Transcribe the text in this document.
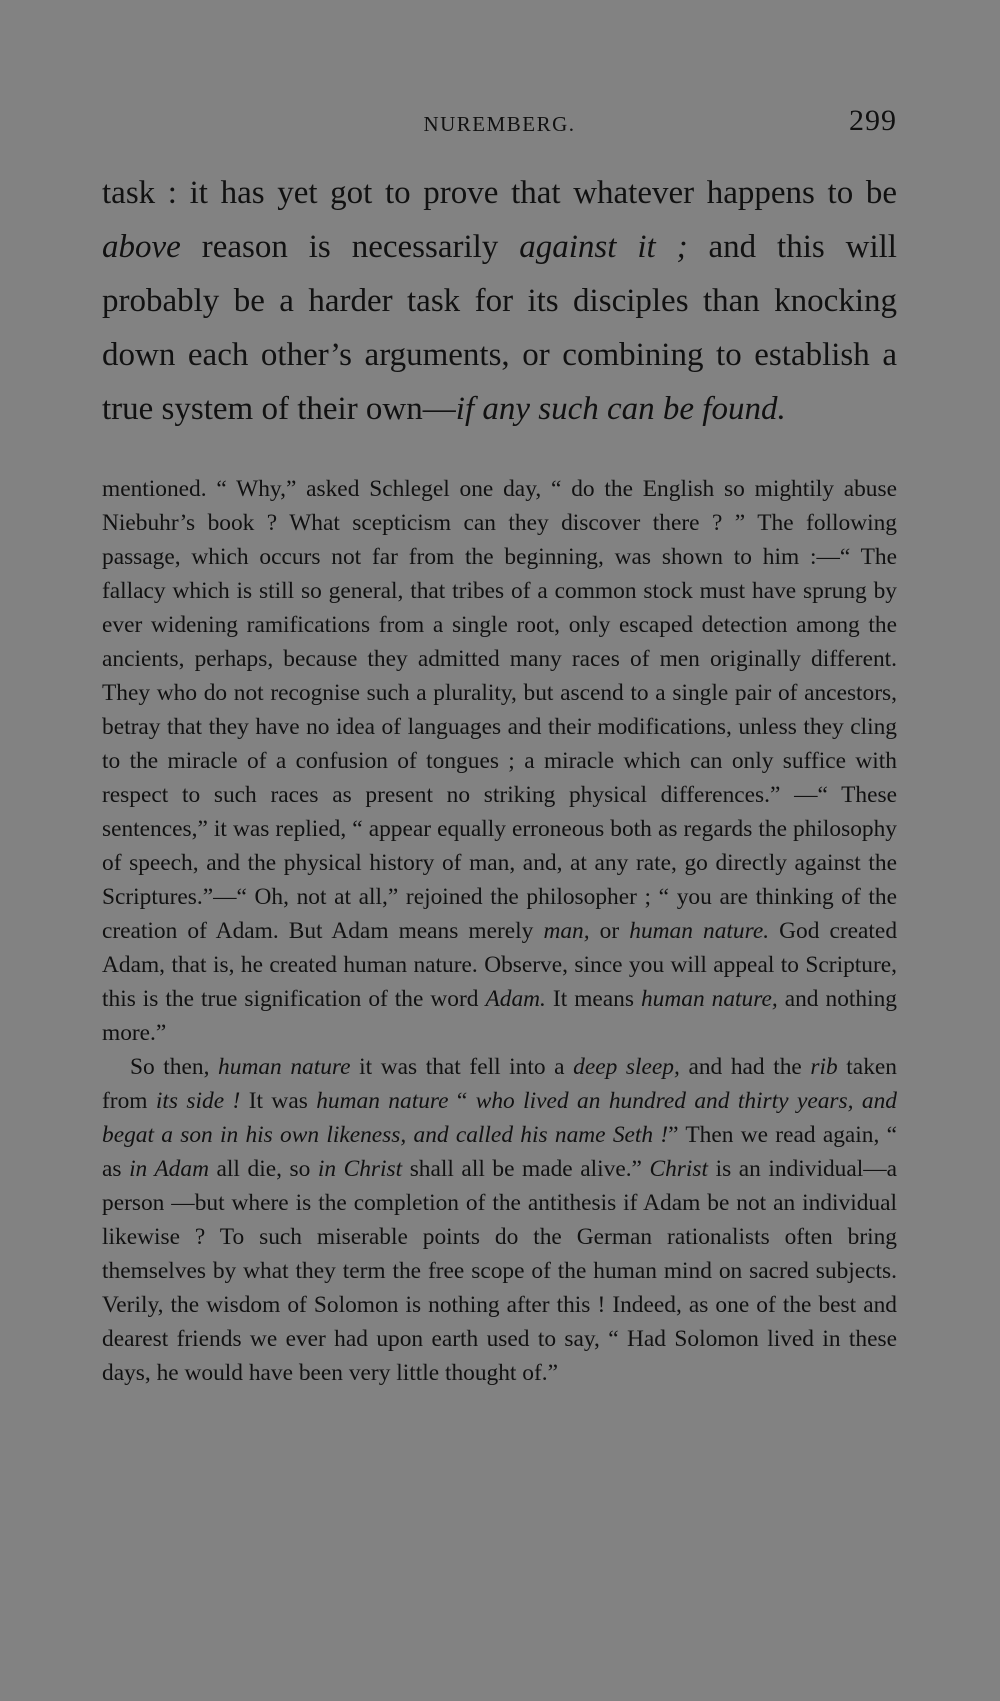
NUREMBERG.	299

task : it has yet got to prove that whatever happens to be above reason is necessarily against it ; and this will probably be a harder task for its disciples than knocking down each other’s arguments, or combining to establish a true system of their own—if any such can be found.

mentioned. “ Why,” asked Schlegel one day, “ do the English so mightily abuse Niebuhr’s book ? What scepticism can they discover there ? ” The following passage, which occurs not far from the beginning, was shown to him :—“ The fallacy which is still so general, that tribes of a common stock must have sprung by ever widening ramifications from a single root, only escaped detection among the ancients, perhaps, because they admitted many races of men originally different. They who do not recognise such a plurality, but ascend to a single pair of ancestors, betray that they have no idea of languages and their modifications, unless they cling to the miracle of a confusion of tongues ; a miracle which can only suffice with respect to such races as present no striking physical differences.” —“ These sentences,” it was replied, “ appear equally erroneous both as regards the philosophy of speech, and the physical history of man, and, at any rate, go directly against the Scriptures.”—“ Oh, not at all,” rejoined the philosopher ; “ you are thinking of the creation of Adam. But Adam means merely man, or human nature. God created Adam, that is, he created human nature. Observe, since you will appeal to Scripture, this is the true signification of the word Adam. It means human nature, and nothing more.”

So then, human nature it was that fell into a deep sleep, and had the rib taken from its side ! It was human nature “ who lived an hundred and thirty years, and begat a son in his own likeness, and called his name Seth !” Then we read again, “ as in Adam all die, so in Christ shall all be made alive.” Christ is an individual—a person —but where is the completion of the antithesis if Adam be not an individual likewise ? To such miserable points do the German rationalists often bring themselves by what they term the free scope of the human mind on sacred subjects. Verily, the wisdom of Solomon is nothing after this ! Indeed, as one of the best and dearest friends we ever had upon earth used to say, “ Had Solomon lived in these days, he would have been very little thought of.”
